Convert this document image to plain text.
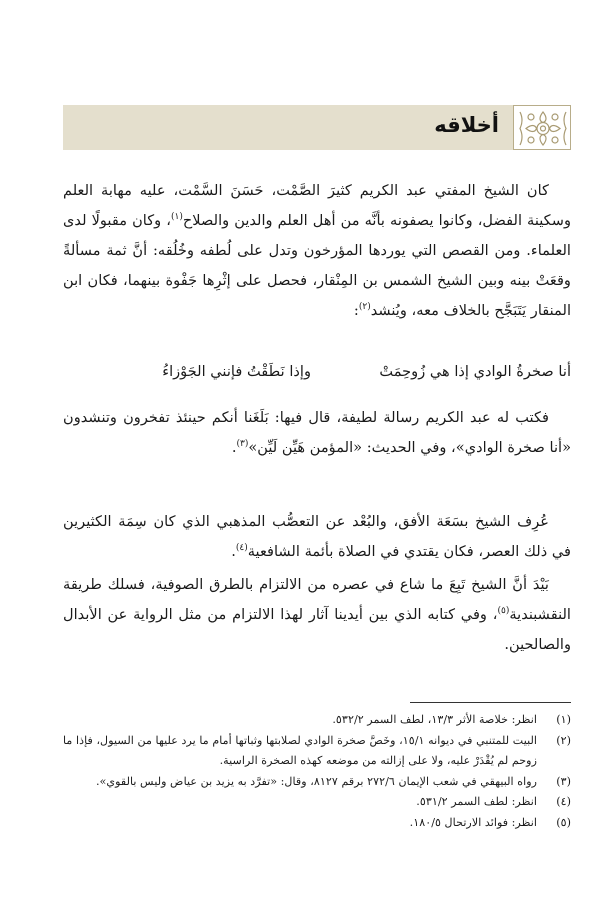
أخلاقه

كان الشيخ المفتي عبد الكريم كثيرَ الصَّمْت، حَسَنَ السَّمْت، عليه مهابة العلم وسكينة الفضل، وكانوا يصفونه بأنَّه من أهل العلم والدين والصلاح$^{(١)}$، وكان مقبولًا لدى العلماء. ومن القصص التي يوردها المؤرخون وتدل على لُطفه وخُلُقه: أنَّ ثمة مسألةً وقعَتْ بينه وبين الشيخ الشمس بن المِنْقار، فحصل على إثْرِها جَفْوة بينهما، فكان ابن المنقار يَتَبَجَّح بالخلاف معه، ويُنشد$^{(٢)}$:

أنا صخرةُ الوادي إذا هي زُوحِمَتْ
وإذا نَطَقْتُ فإنني الجَوْزاءُ

فكتب له عبد الكريم رسالة لطيفة، قال فيها: بَلَغَنا أنكم حينئذ تفخرون وتنشدون «أنا صخرة الوادي»، وفي الحديث: «المؤمن هَيِّن لَيِّن»$^{(٣)}$.

عُرِف الشيخ بسَعَة الأفق، والبُعْد عن التعصُّب المذهبي الذي كان سِمَة الكثيرين في ذلك العصر، فكان يقتدي في الصلاة بأئمة الشافعية$^{(٤)}$.

بَيْدَ أنَّ الشيخ تَبِعَ ما شاع في عصره من الالتزام بالطرق الصوفية، فسلك طريقة النقشبندية$^{(٥)}$، وفي كتابه الذي بين أيدينا آثار لهذا الالتزام من مثل الرواية عن الأبدال والصالحين.

(١)
انظر: خلاصة الأثر ١٣/٣، لطف السمر ٥٣٢/٢.

(٢)
البيت للمتنبي في ديوانه ١٥/١، وخَصَّ صخرة الوادي لصلابتها وثباتها أمام ما يرد عليها من السيول، فإذا ما زوحم لم يُقْدَرْ عليه، ولا على إزالته من موضعه كهذه الصخرة الراسية.

(٣)
رواه البيهقي في شعب الإيمان ٢٧٢/٦ برقم ٨١٢٧، وقال: «تفرَّد به يزيد بن عياض وليس بالقوي».

(٤)
انظر: لطف السمر ٥٣١/٢.

(٥)
انظر: فوائد الارتحال ١٨٠/٥.
